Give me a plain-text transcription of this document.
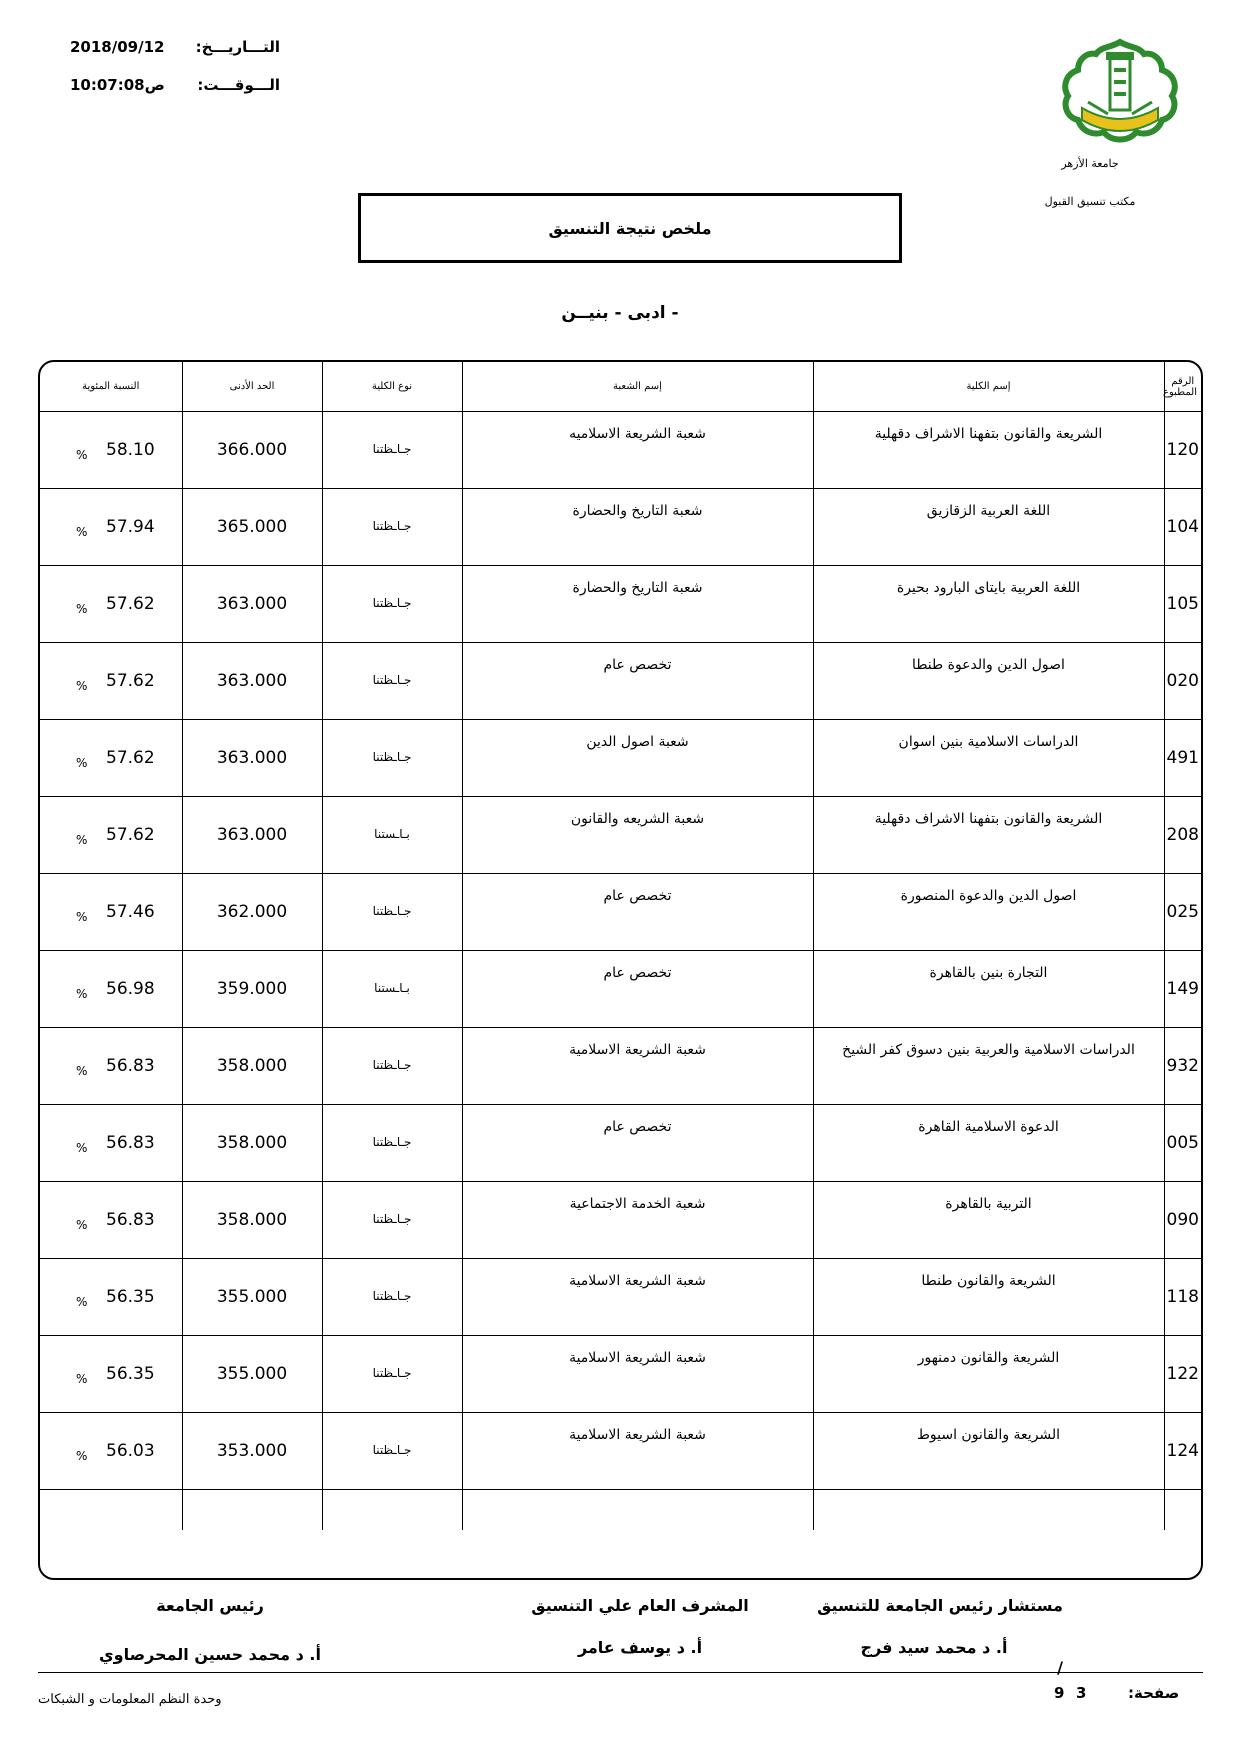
2018/09/12 التـــاريـــخ:
ص10:07:08 الـــوقـــت:
جامعة الأزهر
مكتب تنسيق القبول
ملخص نتيجة التنسيق
- ادبى - بنيــن
الرقم المطبوع	إسم الكلية	إسم الشعبة	نوع الكلية	الحد الأدنى	النسبة المئوية

120	الشريعة والقانون بتفهنا الاشراف دقهلية	شعبة الشريعة الاسلاميه	جـاـظتنا	366.000	58.10
%

104	اللغة العربية الزقازيق	شعبة التاريخ والحضارة	جـاـظتنا	365.000	57.94
%

105	اللغة العربية بايتاى البارود بحيرة	شعبة التاريخ والحضارة	جـاـظتنا	363.000	57.62
%

020	اصول الدين والدعوة طنطا	تخصص عام	جـاـظتنا	363.000	57.62
%

491	الدراسات الاسلامية بنين اسوان	شعبة اصول الدين	جـاـظتنا	363.000	57.62
%

208	الشريعة والقانون بتفهنا الاشراف دقهلية	شعبة الشريعه والقانون	بـاـستنا	363.000	57.62
%

025	اصول الدين والدعوة المنصورة	تخصص عام	جـاـظتنا	362.000	57.46
%

149	التجارة بنين بالقاهرة	تخصص عام	بـاـستنا	359.000	56.98
%

932	الدراسات الاسلامية والعربية بنين دسوق كفر الشيخ	شعبة الشريعة الاسلامية	جـاـظتنا	358.000	56.83
%

005	الدعوة الاسلامية القاهرة	تخصص عام	جـاـظتنا	358.000	56.83
%

090	التربية بالقاهرة	شعبة الخدمة الاجتماعية	جـاـظتنا	358.000	56.83
%

118	الشريعة والقانون طنطا	شعبة الشريعة الاسلامية	جـاـظتنا	355.000	56.35
%

122	الشريعة والقانون دمنهور	شعبة الشريعة الاسلامية	جـاـظتنا	355.000	56.35
%

124	الشريعة والقانون اسيوط	شعبة الشريعة الاسلامية	جـاـظتنا	353.000	56.03
%

مستشار رئيس الجامعة للتنسيق
أ. د محمد سيد فرج
/
المشرف العام علي التنسيق
أ. د يوسف عامر
رئيس الجامعة
أ. د محمد حسين المحرصاوي
صفحة:
3
9
وحدة النظم المعلومات و الشبكات
